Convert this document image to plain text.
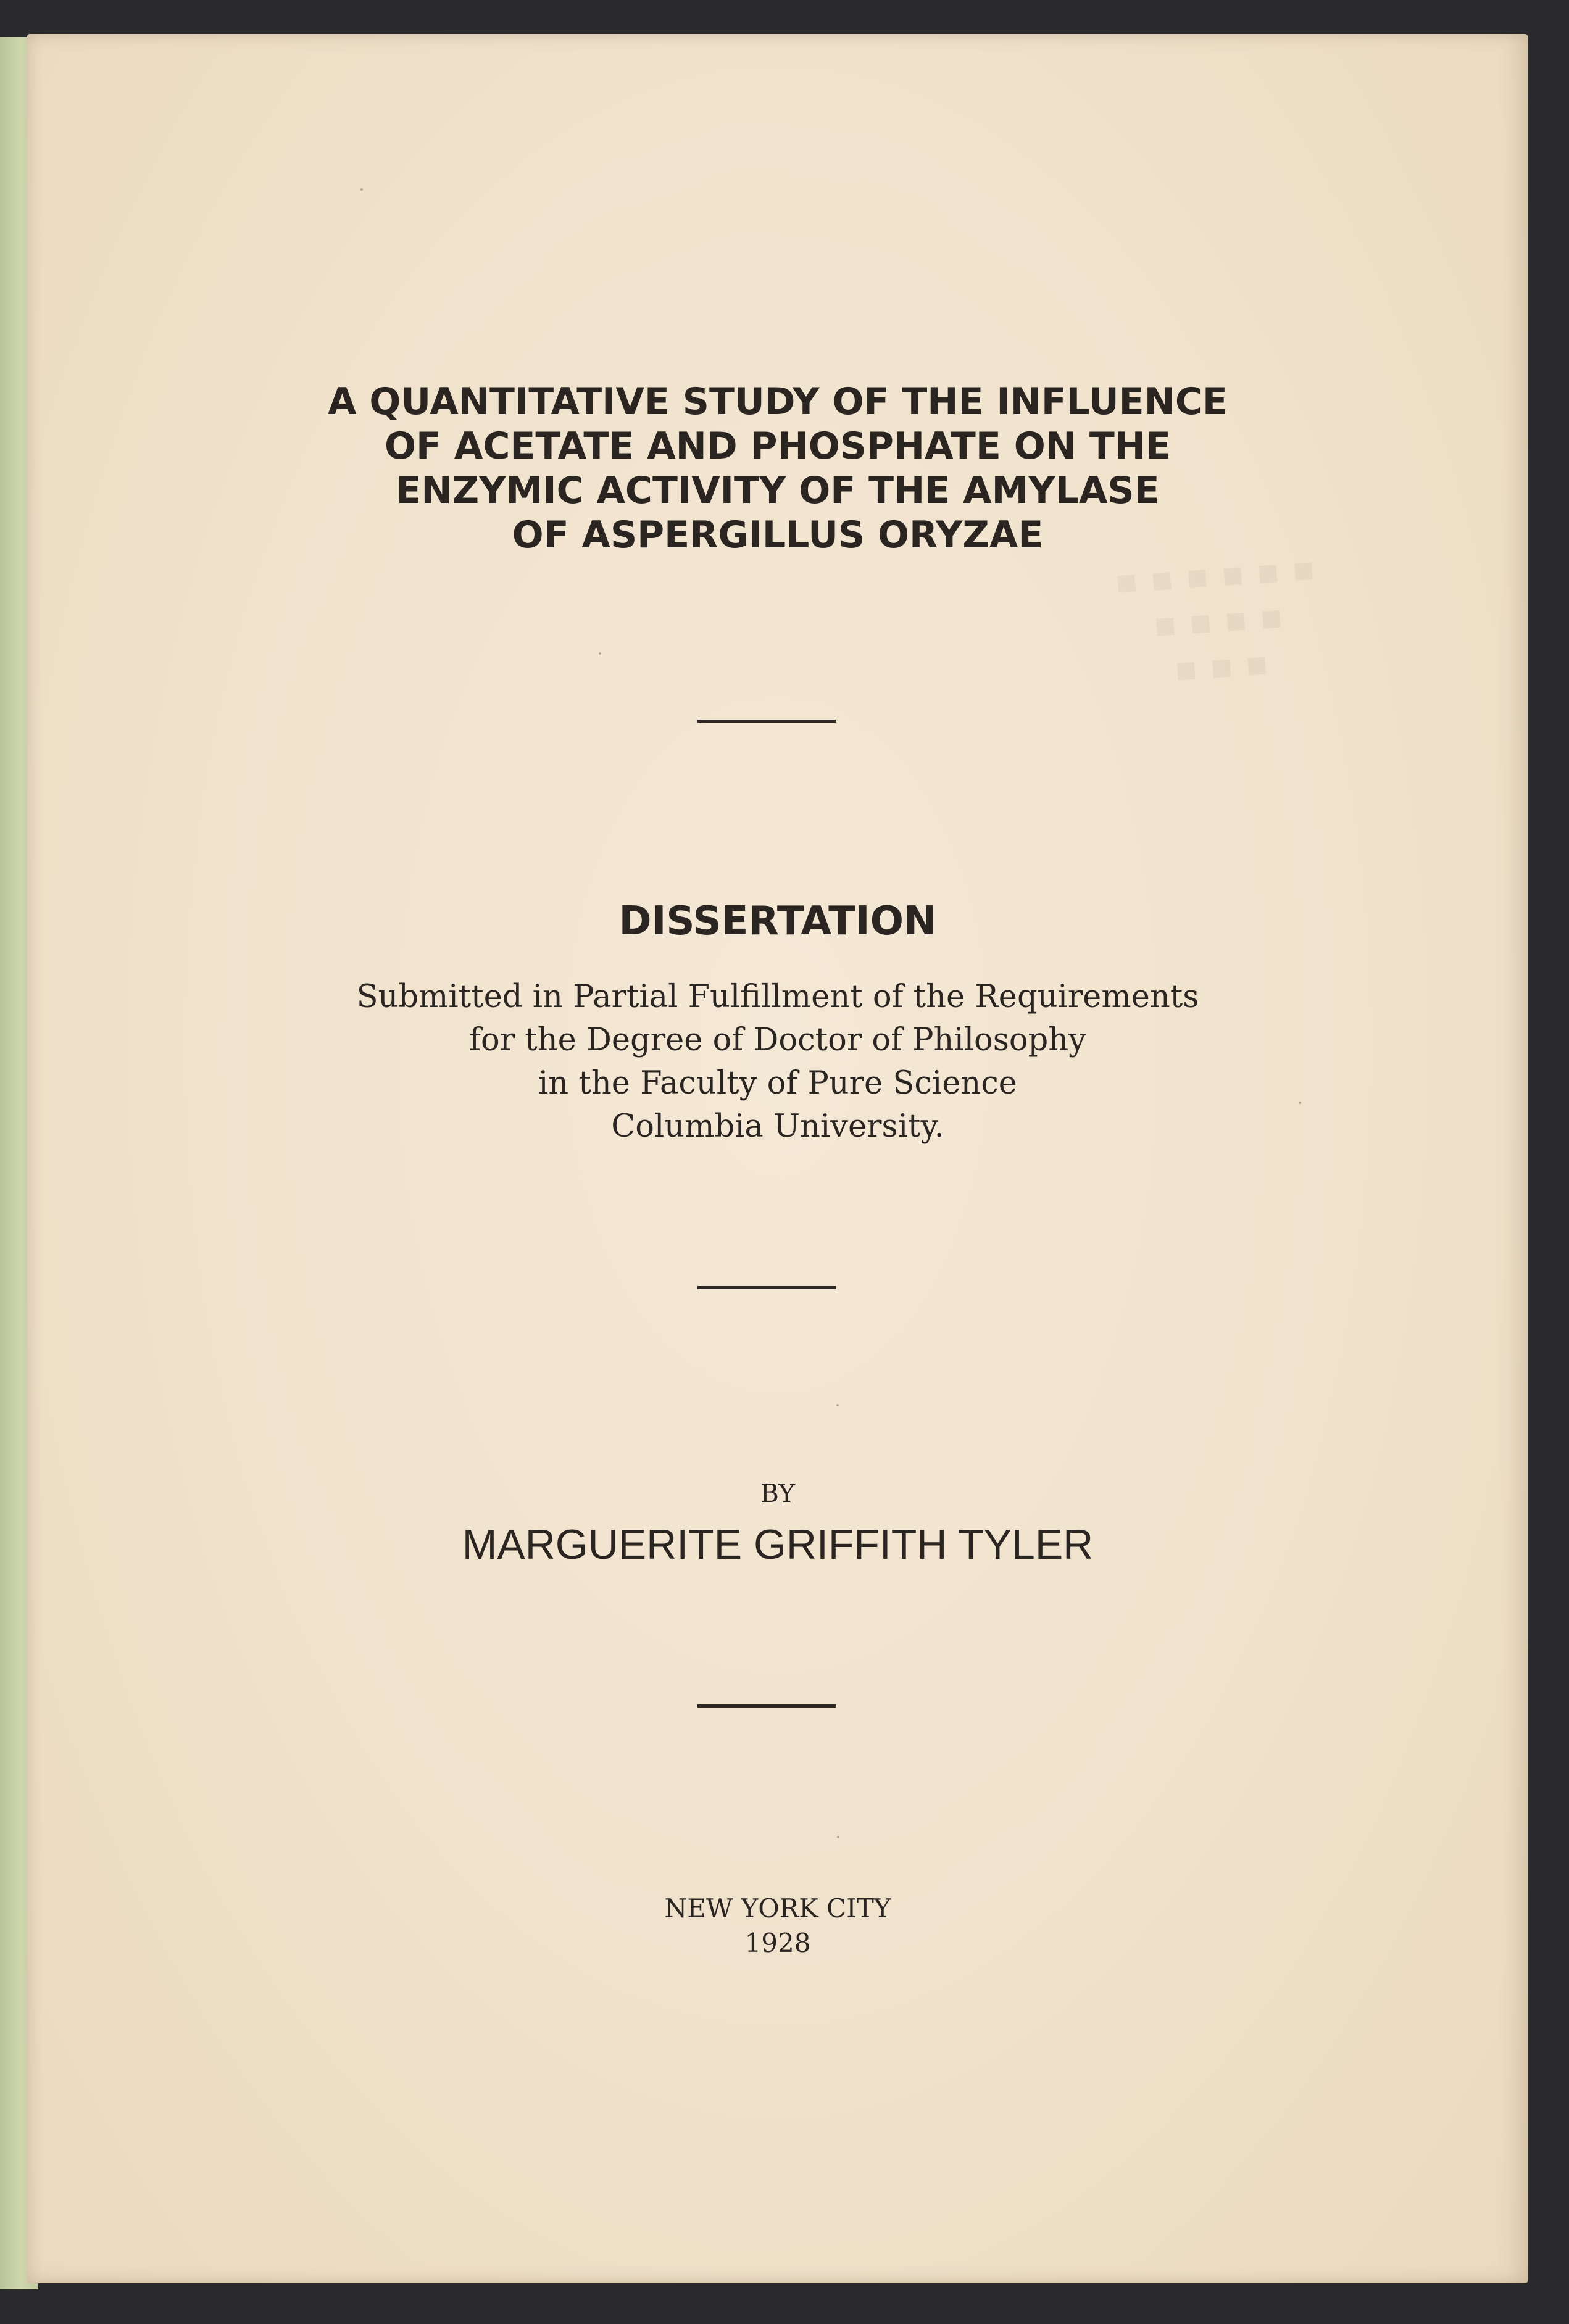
▪ ▪ ▪ ▪ ▪ ▪
▪ ▪ ▪ ▪
▪ ▪ ▪
A QUANTITATIVE STUDY OF THE INFLUENCE
OF ACETATE AND PHOSPHATE ON THE
ENZYMIC ACTIVITY OF THE AMYLASE
OF ASPERGILLUS ORYZAE
DISSERTATION
Submitted in Partial Fulfillment of the Requirements
for the Degree of Doctor of Philosophy
in the Faculty of Pure Science
Columbia University.
BY
MARGUERITE GRIFFITH TYLER
NEW YORK CITY
1928
